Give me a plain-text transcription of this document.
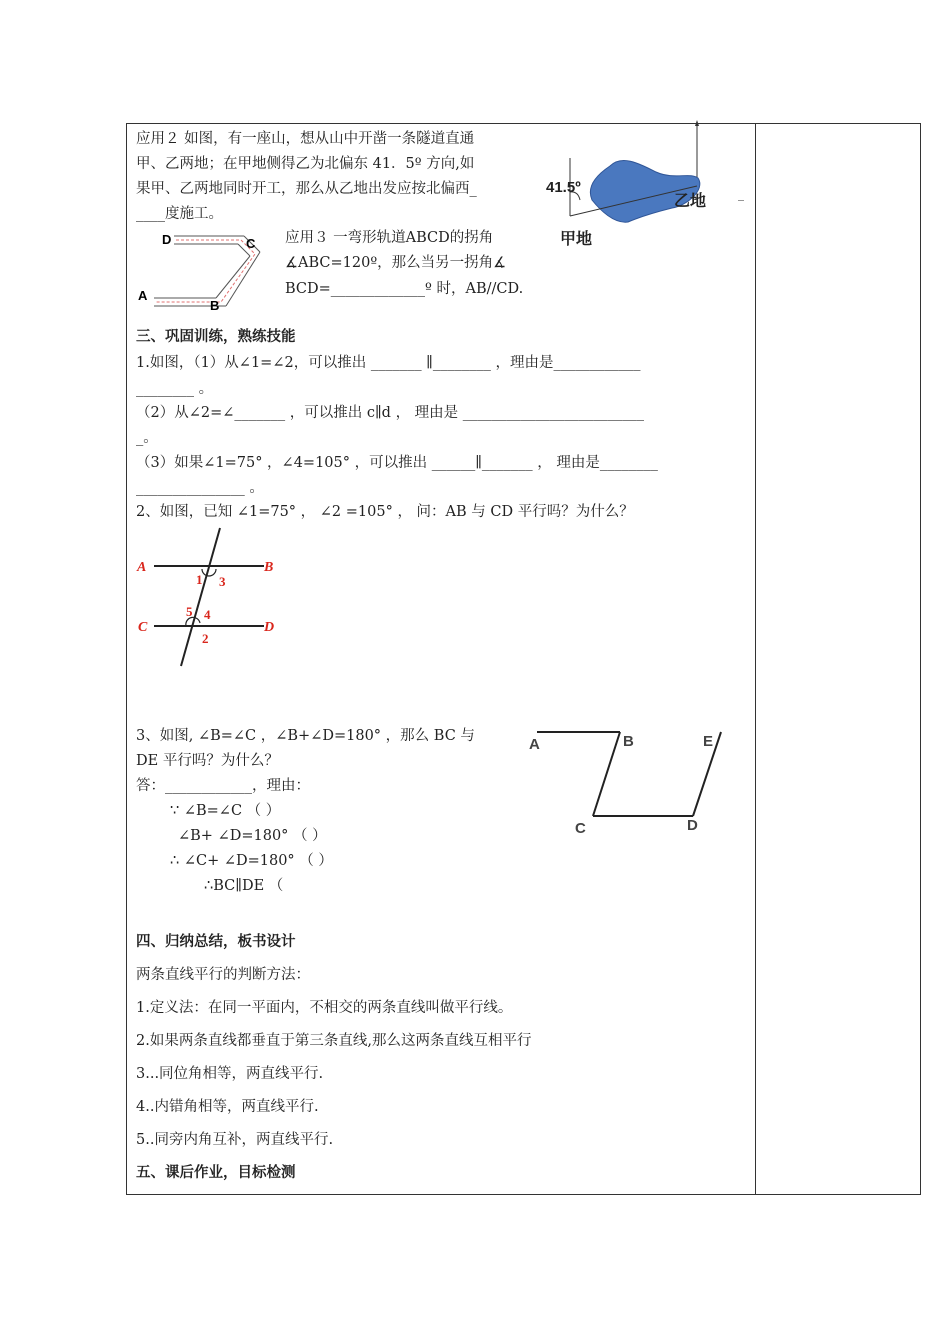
应用２ 如图，有一座山，想从山中开凿一条隧道直通
甲、乙两地；在甲地侧得乙为北偏东 41．5º 方向,如
果甲、乙两地同时开工，那么从乙地出发应按北偏西_
____度施工。
41.5º
甲地
乙地	_
D	C
A
B
应用３ 一弯形轨道ABCD的拐角
∡ABC=120º，那么当另一拐角∡
BCD=_____________º 时，AB//CD.
三、巩固训练，熟练技能
1.如图，（1）从∠1=∠2，可以推出 _______ ∥________ ，理由是____________
________ 。
（2）从∠2=∠_______ ，可以推出 c∥d ， 理由是 _________________________
_。
（3）如果∠1=75° ，∠4=105° ，可以推出 ______∥_______ ， 理由是________
_______________ 。
2、如图，已知 ∠1=75° ， ∠2 =105° ， 问：AB 与 CD 平行吗？为什么？
A	B
C	D
1 3
5 4
2
3、如图, ∠B=∠C ，∠B+∠D=180° ，那么 BC 与
DE 平行吗？为什么？
答：____________，理由：
∵ ∠B=∠C （ ）
∠B+ ∠D=180° （ ）
∴ ∠C+ ∠D=180° （ ）
∴BC∥DE （
A	B	E
C	D
四、归纳总结，板书设计
两条直线平行的判断方法：
1.定义法：在同一平面内，不相交的两条直线叫做平行线。
2.如果两条直线都垂直于第三条直线,那么这两条直线互相平行
3...同位角相等，两直线平行.
4..内错角相等，两直线平行.
5..同旁内角互补，两直线平行.
五、课后作业，目标检测
